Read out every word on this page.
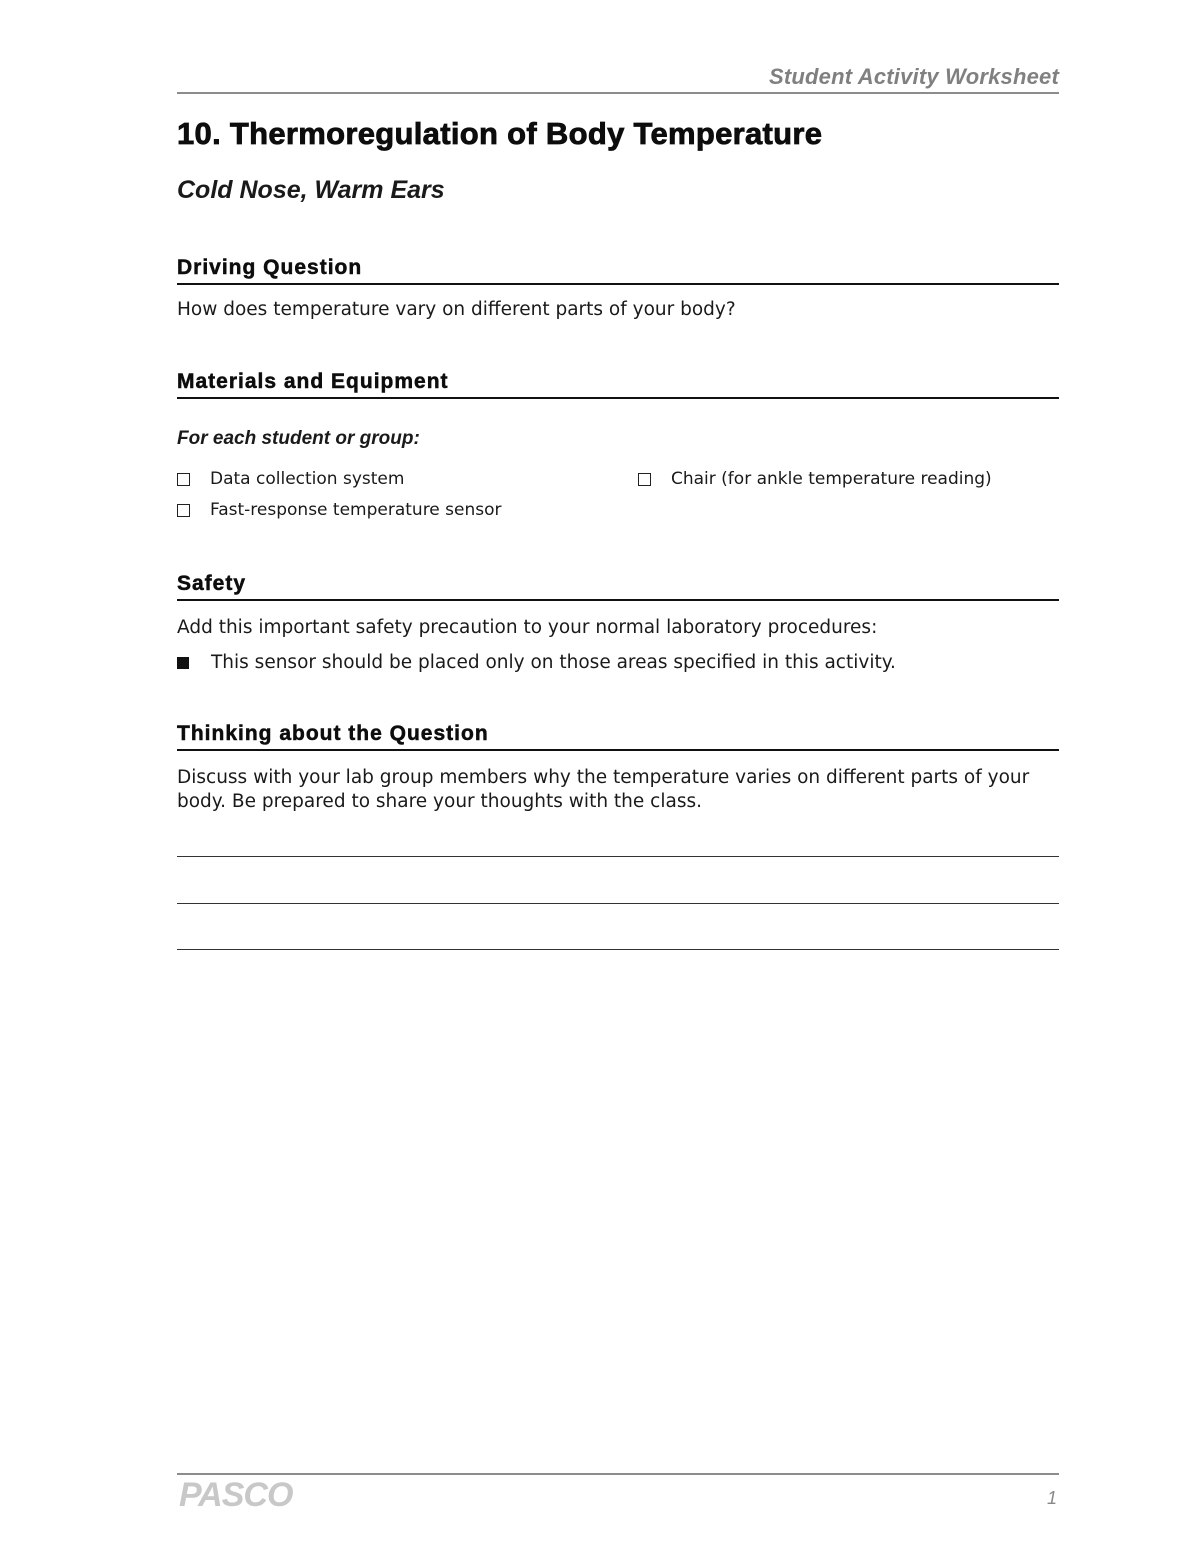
Student Activity Worksheet
10. Thermoregulation of Body Temperature
Cold Nose, Warm Ears
Driving Question

How does temperature vary on different parts of your body?

Materials and Equipment

For each student or group:

Data collection system
Fast-response temperature sensor
Chair (for ankle temperature reading)
Safety

Add this important safety precaution to your normal laboratory procedures:

This sensor should be placed only on those areas specified in this activity.
Thinking about the Question

Discuss with your lab group members why the temperature varies on different parts of your body. Be prepared to share your thoughts with the class.

PASCO	1
